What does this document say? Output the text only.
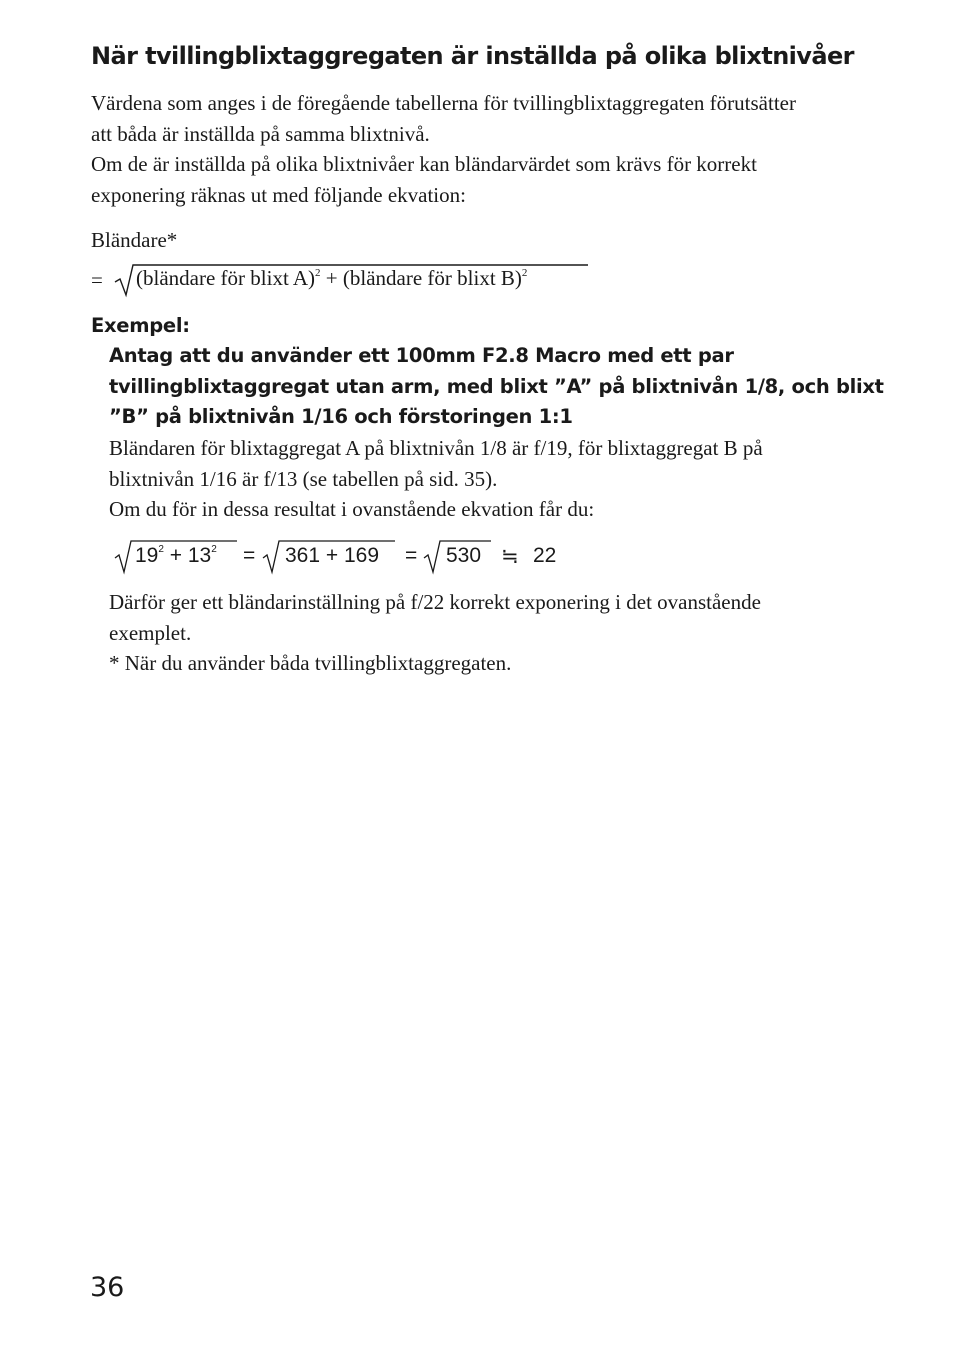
När tvillingblixtaggregaten är inställda på olika blixtnivåer

Värdena som anges i de föregående tabellerna för tvillingblixtaggregaten förutsätter
att båda är inställda på samma blixtnivå.
Om de är inställda på olika blixtnivåer kan bländarvärdet som krävs för korrekt
exponering räknas ut med följande ekvation:

Bländare*

= (bländare för blixt A)$^2$ + (bländare för blixt B)$^2$

Exempel:

Antag att du använder ett 100mm F2.8 Macro med ett par
tvillingblixtaggregat utan arm, med blixt ”A” på blixtnivån 1/8, och blixt
”B” på blixtnivån 1/16 och förstoringen 1:1

Bländaren för blixtaggregat A på blixtnivån 1/8 är f/19, för blixtaggregat B på
blixtnivån 1/16 är f/13 (se tabellen på sid. 35).
Om du för in dessa resultat i ovanstående ekvation får du:

$19^2 + 13^2 = 361 + 169 = 530$ ≒ 22

Därför ger ett bländarinställning på f/22 korrekt exponering i det ovanstående
exemplet.
* När du använder båda tvillingblixtaggregaten.

36
